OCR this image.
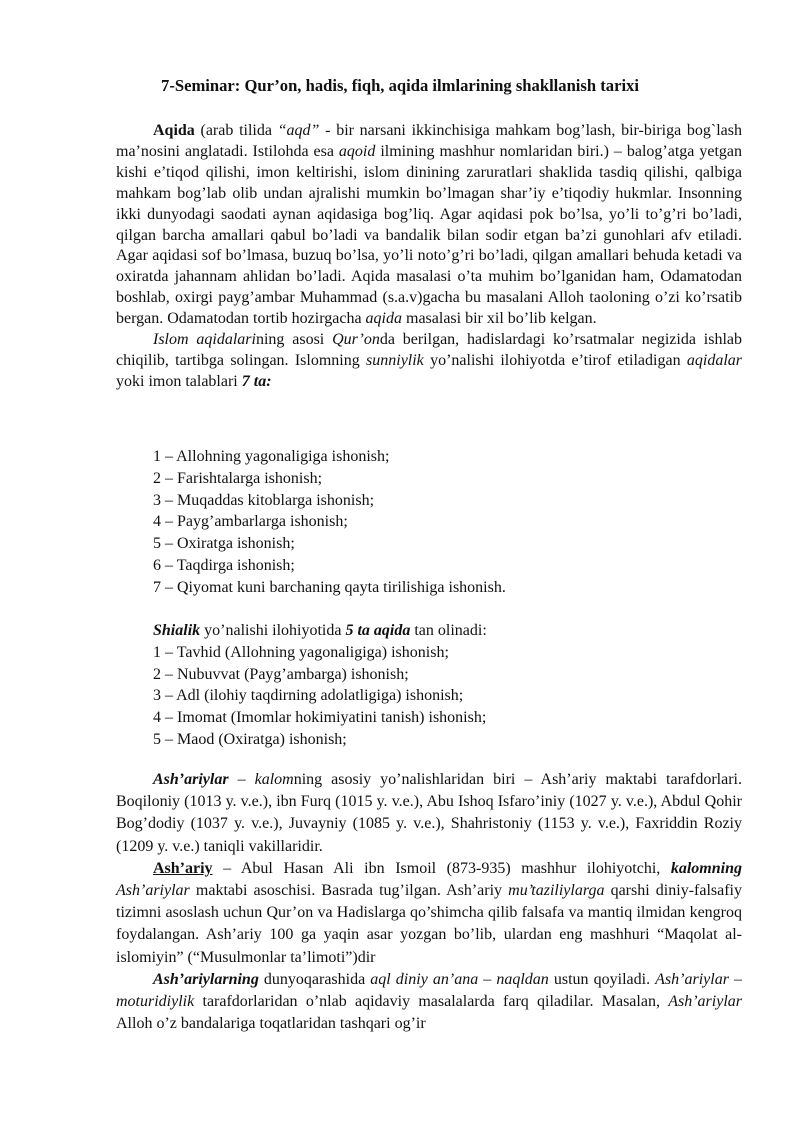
7-Seminar: Qur’on, hadis, fiqh, aqida ilmlarining shakllanish tarixi

Aqida (arab tilida “aqd” - bir narsani ikkinchisiga mahkam bog’lash, bir-biriga bog`lash ma’nosini anglatadi. Istilohda esa aqoid ilmining mashhur nomlaridan biri.) – balog’atga yetgan kishi e’tiqod qilishi, imon keltirishi, islom dinining zaruratlari shaklida tasdiq qilishi, qalbiga mahkam bog’lab olib undan ajralishi mumkin bo’lmagan shar’iy e’tiqodiy hukmlar. Insonning ikki dunyodagi saodati aynan aqidasiga bog’liq. Agar aqidasi pok bo’lsa, yo’li to’g’ri bo’ladi, qilgan barcha amallari qabul bo’ladi va bandalik bilan sodir etgan ba’zi gunohlari afv etiladi. Agar aqidasi sof bo’lmasa, buzuq bo’lsa, yo’li noto’g’ri bo’ladi, qilgan amallari behuda ketadi va oxiratda jahannam ahlidan bo’ladi. Aqida masalasi o’ta muhim bo’lganidan ham, Odamatodan boshlab, oxirgi payg’ambar Muhammad (s.a.v)gacha bu masalani Alloh taoloning o’zi ko’rsatib bergan. Odamatodan tortib hozirgacha aqida masalasi bir xil bo’lib kelgan.

Islom aqidalarining asosi Qur’onda berilgan, hadislardagi ko’rsatmalar negizida ishlab chiqilib, tartibga solingan. Islomning sunniylik yo’nalishi ilohiyotda e’tirof etiladigan aqidalar yoki imon talablari 7 ta:

1 – Allohning yagonaligiga ishonish;
2 – Farishtalarga ishonish;
3 – Muqaddas kitoblarga ishonish;
4 – Payg’ambarlarga ishonish;
5 – Oxiratga ishonish;
6 – Taqdirga ishonish;
7 – Qiyomat kuni barchaning qayta tirilishiga ishonish.
Shialik yo’nalishi ilohiyotida 5 ta aqida tan olinadi:
1 – Tavhid (Allohning yagonaligiga) ishonish;
2 – Nubuvvat (Payg’ambarga) ishonish;
3 – Adl (ilohiy taqdirning adolatligiga) ishonish;
4 – Imomat (Imomlar hokimiyatini tanish) ishonish;
5 – Maod (Oxiratga) ishonish;

Ash’ariylar – kalomning asosiy yo’nalishlaridan biri – Ash’ariy maktabi tarafdorlari. Boqiloniy (1013 y. v.e.), ibn Furq (1015 y. v.e.), Abu Ishoq Isfaro’iniy (1027 y. v.e.), Abdul Qohir Bog’dodiy (1037 y. v.e.), Juvayniy (1085 y. v.e.), Shahristoniy (1153 y. v.e.), Faxriddin Roziy (1209 y. v.e.) taniqli vakillaridir.

Ash’ariy – Abul Hasan Ali ibn Ismoil (873-935) mashhur ilohiyotchi, kalomning Ash’ariylar maktabi asoschisi. Basrada tug’ilgan. Ash’ariy mu’taziliylarga qarshi diniy-falsafiy tizimni asoslash uchun Qur’on va Hadislarga qo’shimcha qilib falsafa va mantiq ilmidan kengroq foydalangan. Ash’ariy 100 ga yaqin asar yozgan bo’lib, ulardan eng mashhuri “Maqolat al-islomiyin” (“Musulmonlar ta’limoti”)dir

Ash’ariylarning dunyoqarashida aql diniy an’ana – naqldan ustun qoyiladi. Ash’ariylar – moturidiylik tarafdorlaridan o’nlab aqidaviy masalalarda farq qiladilar. Masalan, Ash’ariylar Alloh o’z bandalariga toqatlaridan tashqari og’ir
